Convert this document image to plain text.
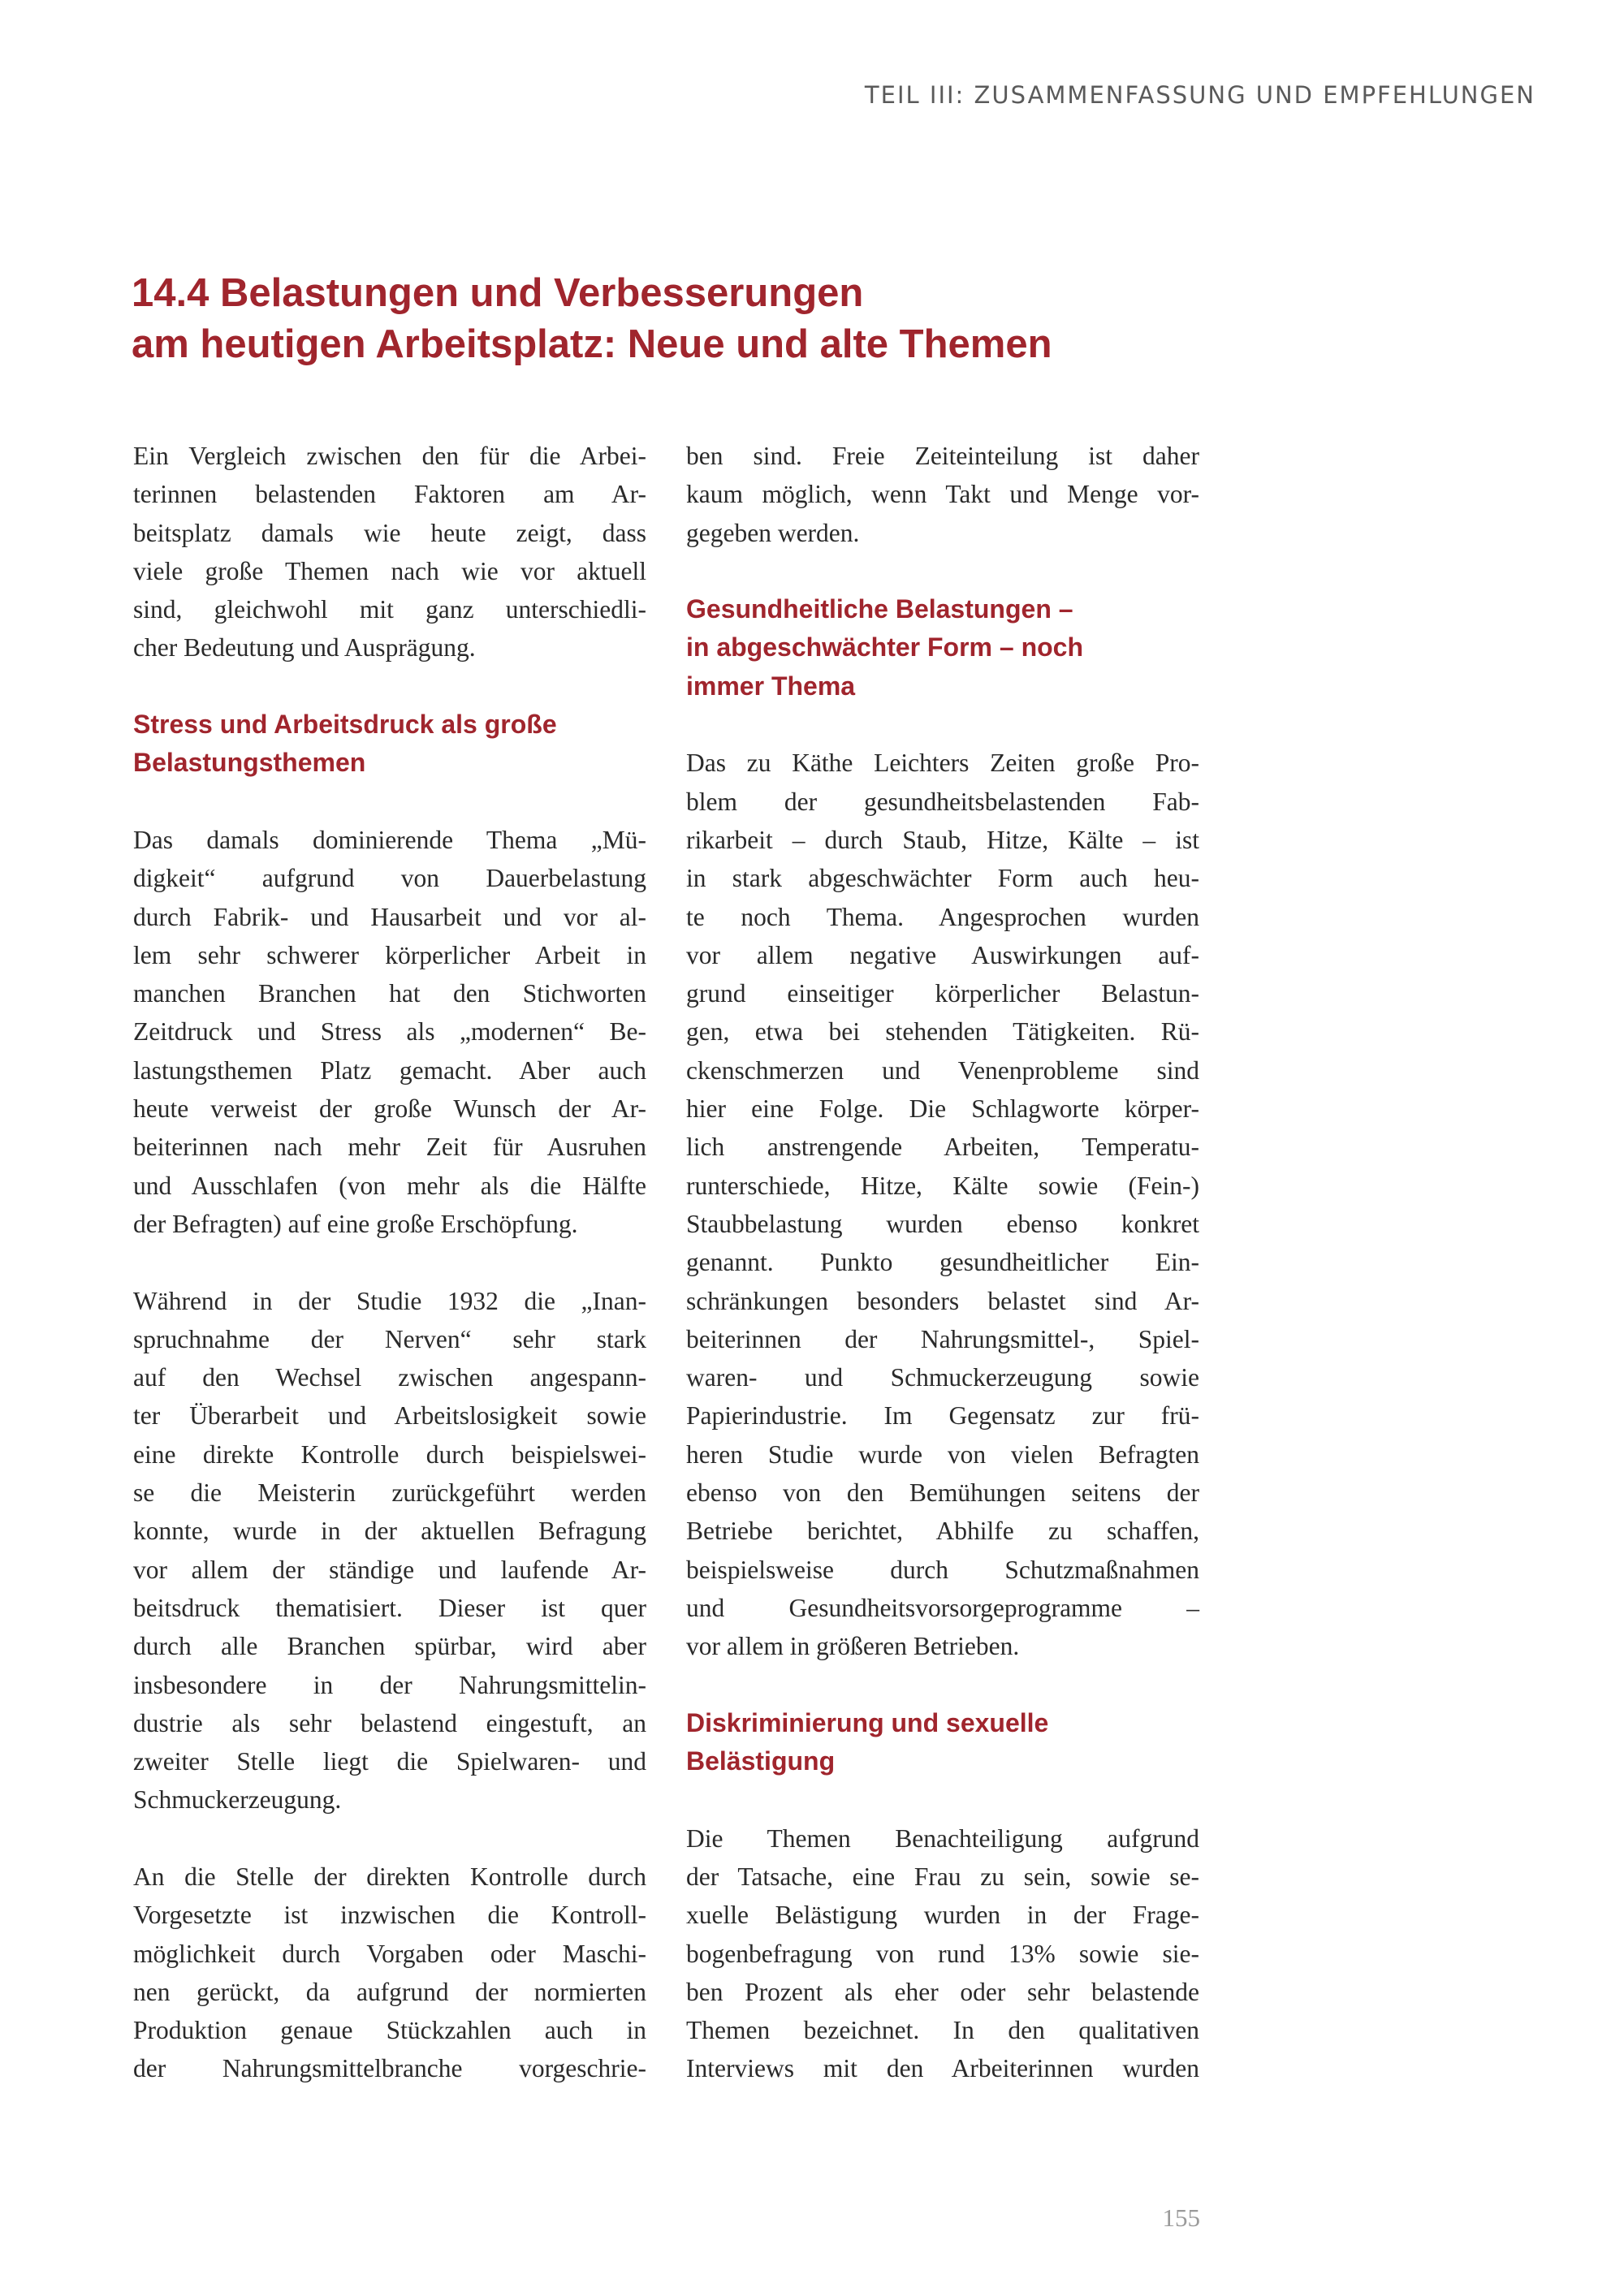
TEIL III: ZUSAMMENFASSUNG UND EMPFEHLUNGEN
14.4 Belastungen und Verbesserungen
am heutigen Arbeitsplatz: Neue und alte Themen
Ein Vergleich zwischen den für die Arbei-
terinnen belastenden Faktoren am Ar-
beitsplatz damals wie heute zeigt, dass
viele große Themen nach wie vor aktuell
sind, gleichwohl mit ganz unterschiedli-
cher Bedeutung und Ausprägung.
Stress und Arbeitsdruck als große
Belastungsthemen
Das damals dominierende Thema „Mü-
digkeit“ aufgrund von Dauerbelastung
durch Fabrik- und Hausarbeit und vor al-
lem sehr schwerer körperlicher Arbeit in
manchen Branchen hat den Stichworten
Zeitdruck und Stress als „modernen“ Be-
lastungsthemen Platz gemacht. Aber auch
heute verweist der große Wunsch der Ar-
beiterinnen nach mehr Zeit für Ausruhen
und Ausschlafen (von mehr als die Hälfte
der Befragten) auf eine große Erschöpfung.
Während in der Studie 1932 die „Inan-
spruchnahme der Nerven“ sehr stark
auf den Wechsel zwischen angespann-
ter Überarbeit und Arbeitslosigkeit sowie
eine direkte Kontrolle durch beispielswei-
se die Meisterin zurückgeführt werden
konnte, wurde in der aktuellen Befragung
vor allem der ständige und laufende Ar-
beitsdruck thematisiert. Dieser ist quer
durch alle Branchen spürbar, wird aber
insbesondere in der Nahrungsmittelin-
dustrie als sehr belastend eingestuft, an
zweiter Stelle liegt die Spielwaren- und
Schmuckerzeugung.
An die Stelle der direkten Kontrolle durch
Vorgesetzte ist inzwischen die Kontroll-
möglichkeit durch Vorgaben oder Maschi-
nen gerückt, da aufgrund der normierten
Produktion genaue Stückzahlen auch in
der Nahrungsmittelbranche vorgeschrie-
ben sind. Freie Zeiteinteilung ist daher
kaum möglich, wenn Takt und Menge vor-
gegeben werden.
Gesundheitliche Belastungen –
in abgeschwächter Form – noch
immer Thema
Das zu Käthe Leichters Zeiten große Pro-
blem der gesundheitsbelastenden Fab-
rikarbeit – durch Staub, Hitze, Kälte – ist
in stark abgeschwächter Form auch heu-
te noch Thema. Angesprochen wurden
vor allem negative Auswirkungen auf-
grund einseitiger körperlicher Belastun-
gen, etwa bei stehenden Tätigkeiten. Rü-
ckenschmerzen und Venenprobleme sind
hier eine Folge. Die Schlagworte körper-
lich anstrengende Arbeiten, Temperatu-
runterschiede, Hitze, Kälte sowie (Fein-)
Staubbelastung wurden ebenso konkret
genannt. Punkto gesundheitlicher Ein-
schränkungen besonders belastet sind Ar-
beiterinnen der Nahrungsmittel-, Spiel-
waren- und Schmuckerzeugung sowie
Papierindustrie. Im Gegensatz zur frü-
heren Studie wurde von vielen Befragten
ebenso von den Bemühungen seitens der
Betriebe berichtet, Abhilfe zu schaffen,
beispielsweise durch Schutzmaßnahmen
und Gesundheitsvorsorgeprogramme –
vor allem in größeren Betrieben.
Diskriminierung und sexuelle
Belästigung
Die Themen Benachteiligung aufgrund
der Tatsache, eine Frau zu sein, sowie se-
xuelle Belästigung wurden in der Frage-
bogenbefragung von rund 13% sowie sie-
ben Prozent als eher oder sehr belastende
Themen bezeichnet. In den qualitativen
Interviews mit den Arbeiterinnen wurden
155
